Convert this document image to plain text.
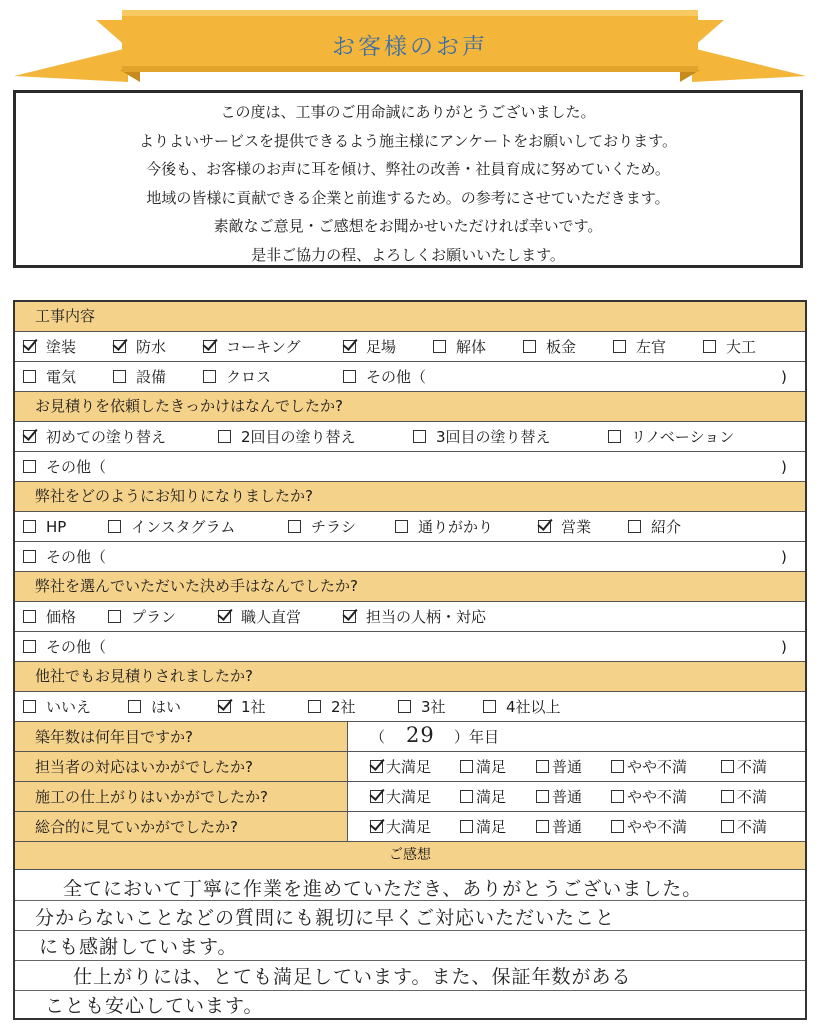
お客様のお声
この度は、工事のご用命誠にありがとうございました。
よりよいサービスを提供できるよう施主様にアンケートをお願いしております。
今後も、お客様のお声に耳を傾け、弊社の改善・社員育成に努めていくため。
地域の皆様に貢献できる企業と前進するため。の参考にさせていただきます。
素敵なご意見・ご感想をお聞かせいただければ幸いです。
是非ご協力の程、よろしくお願いいたします。
工事内容
塗装	防水	コーキング	足場	解体	板金	左官	大工
電気	設備	クロス	その他（	)
お見積りを依頼したきっかけはなんでしたか?
初めての塗り替え	2回目の塗り替え	3回目の塗り替え	リノベーション
その他（	)
弊社をどのようにお知りになりましたか?
HP	インスタグラム	チラシ	通りがかり	営業	紹介
その他（	)
弊社を選んでいただいた決め手はなんでしたか?
価格	プラン	職人直営	担当の人柄・対応
その他（	)
他社でもお見積りされましたか?
いいえ	はい	1社	2社	3社	4社以上
築年数は何年目ですか?	（ 29 ）年目
担当者の対応はいかがでしたか?	大満足	満足	普通	やや不満	不満
施工の仕上がりはいかがでしたか?	大満足	満足	普通	やや不満	不満
総合的に見ていかがでしたか?	大満足	満足	普通	やや不満	不満
ご感想
全てにおいて丁寧に作業を進めていただき、ありがとうございました。
分からないことなどの質問にも親切に早くご対応いただいたこと
にも感謝しています。
仕上がりには、とても満足しています。また、保証年数がある
ことも安心しています。
